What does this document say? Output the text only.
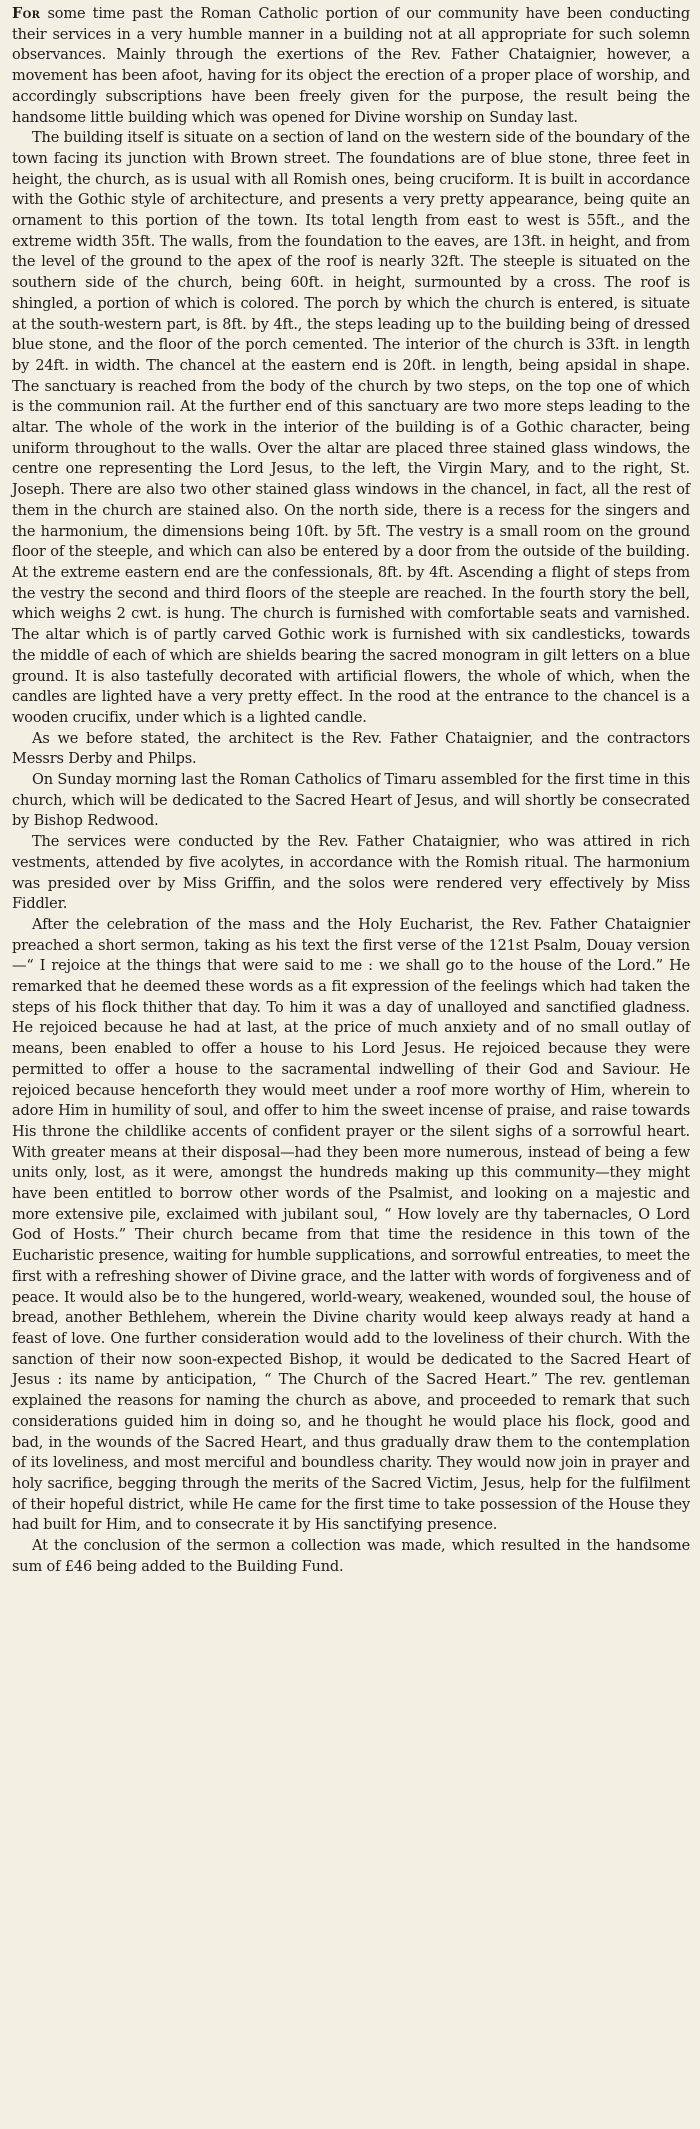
For some time past the Roman Catholic portion of our community have been conducting their services in a very humble manner in a building not at all appropriate for such solemn observances. Mainly through the exertions of the Rev. Father Chataignier, however, a movement has been afoot, having for its object the erection of a proper place of worship, and accordingly subscriptions have been freely given for the purpose, the result being the handsome little building which was opened for Divine worship on Sunday last.

The building itself is situate on a section of land on the western side of the boundary of the town facing its junction with Brown street. The foundations are of blue stone, three feet in height, the church, as is usual with all Romish ones, being cruciform. It is built in accordance with the Gothic style of architecture, and presents a very pretty appearance, being quite an ornament to this portion of the town. Its total length from east to west is 55ft., and the extreme width 35ft. The walls, from the foundation to the eaves, are 13ft. in height, and from the level of the ground to the apex of the roof is nearly 32ft. The steeple is situated on the southern side of the church, being 60ft. in height, surmounted by a cross. The roof is shingled, a portion of which is colored. The porch by which the church is entered, is situate at the south-western part, is 8ft. by 4ft., the steps leading up to the building being of dressed blue stone, and the floor of the porch cemented. The interior of the church is 33ft. in length by 24ft. in width. The chancel at the eastern end is 20ft. in length, being apsidal in shape. The sanctuary is reached from the body of the church by two steps, on the top one of which is the communion rail. At the further end of this sanctuary are two more steps leading to the altar. The whole of the work in the interior of the building is of a Gothic character, being uniform throughout to the walls. Over the altar are placed three stained glass windows, the centre one representing the Lord Jesus, to the left, the Virgin Mary, and to the right, St. Joseph. There are also two other stained glass windows in the chancel, in fact, all the rest of them in the church are stained also. On the north side, there is a recess for the singers and the harmonium, the dimensions being 10ft. by 5ft. The vestry is a small room on the ground floor of the steeple, and which can also be entered by a door from the outside of the building. At the extreme eastern end are the confessionals, 8ft. by 4ft. Ascending a flight of steps from the vestry the second and third floors of the steeple are reached. In the fourth story the bell, which weighs 2 cwt. is hung. The church is furnished with comfortable seats and varnished. The altar which is of partly carved Gothic work is furnished with six candlesticks, towards the middle of each of which are shields bearing the sacred monogram in gilt letters on a blue ground. It is also tastefully decorated with artificial flowers, the whole of which, when the candles are lighted have a very pretty effect. In the rood at the entrance to the chancel is a wooden crucifix, under which is a lighted candle.

As we before stated, the architect is the Rev. Father Chataignier, and the contractors Messrs Derby and Philps.

On Sunday morning last the Roman Catholics of Timaru assembled for the first time in this church, which will be dedicated to the Sacred Heart of Jesus, and will shortly be consecrated by Bishop Redwood.

The services were conducted by the Rev. Father Chataignier, who was attired in rich vestments, attended by five acolytes, in accordance with the Romish ritual. The harmonium was presided over by Miss Griffin, and the solos were rendered very effectively by Miss Fiddler.

After the celebration of the mass and the Holy Eucharist, the Rev. Father Chataignier preached a short sermon, taking as his text the first verse of the 121st Psalm, Douay version—“ I rejoice at the things that were said to me : we shall go to the house of the Lord.” He remarked that he deemed these words as a fit expression of the feelings which had taken the steps of his flock thither that day. To him it was a day of unalloyed and sanctified gladness. He rejoiced because he had at last, at the price of much anxiety and of no small outlay of means, been enabled to offer a house to his Lord Jesus. He rejoiced because they were permitted to offer a house to the sacramental indwelling of their God and Saviour. He rejoiced because henceforth they would meet under a roof more worthy of Him, wherein to adore Him in humility of soul, and offer to him the sweet incense of praise, and raise towards His throne the childlike accents of confident prayer or the silent sighs of a sorrowful heart. With greater means at their disposal—had they been more numerous, instead of being a few units only, lost, as it were, amongst the hundreds making up this community—they might have been entitled to borrow other words of the Psalmist, and looking on a majestic and more extensive pile, exclaimed with jubilant soul, “ How lovely are thy tabernacles, O Lord God of Hosts.” Their church became from that time the residence in this town of the Eucharistic presence, waiting for humble supplications, and sorrowful entreaties, to meet the first with a refreshing shower of Divine grace, and the latter with words of forgiveness and of peace. It would also be to the hungered, world-weary, weakened, wounded soul, the house of bread, another Bethlehem, wherein the Divine charity would keep always ready at hand a feast of love. One further consideration would add to the loveliness of their church. With the sanction of their now soon-expected Bishop, it would be dedicated to the Sacred Heart of Jesus : its name by anticipation, “ The Church of the Sacred Heart.” The rev. gentleman explained the reasons for naming the church as above, and proceeded to remark that such considerations guided him in doing so, and he thought he would place his flock, good and bad, in the wounds of the Sacred Heart, and thus gradually draw them to the contemplation of its loveliness, and most merciful and boundless charity. They would now join in prayer and holy sacrifice, begging through the merits of the Sacred Victim, Jesus, help for the fulfilment of their hopeful district, while He came for the first time to take possession of the House they had built for Him, and to consecrate it by His sanctifying presence.

At the conclusion of the sermon a collection was made, which resulted in the handsome sum of £46 being added to the Building Fund.
